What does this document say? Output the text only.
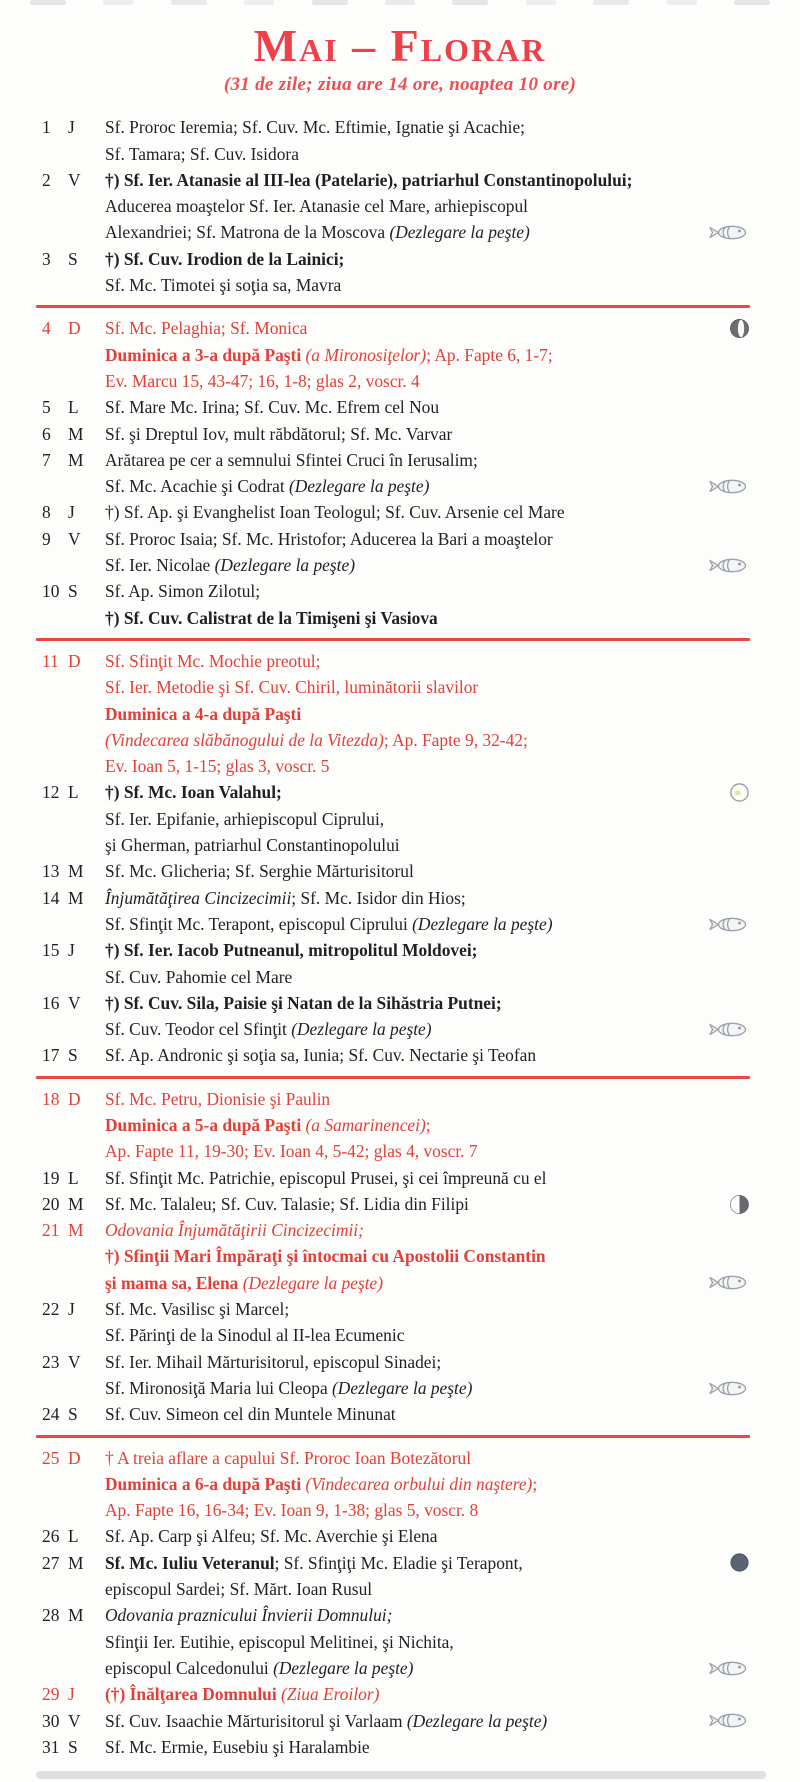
Mai – Florar
(31 de zile; ziua are 14 ore, noaptea 10 ore)
1 J	Sf. Proroc Ieremia; Sf. Cuv. Mc. Eftimie, Ignatie şi Acachie;
Sf. Tamara; Sf. Cuv. Isidora
2 V	†) Sf. Ier. Atanasie al III-lea (Patelarie), patriarhul Constantinopolului;
Aducerea moaştelor Sf. Ier. Atanasie cel Mare, arhiepiscopul
Alexandriei; Sf. Matrona de la Moscova (Dezlegare la peşte)
3 S	†) Sf. Cuv. Irodion de la Lainici;
Sf. Mc. Timotei şi soţia sa, Mavra
4 D	Sf. Mc. Pelaghia; Sf. Monica
Duminica a 3-a după Paşti (a Mironosiţelor); Ap. Fapte 6, 1-7;
Ev. Marcu 15, 43-47; 16, 1-8; glas 2, voscr. 4
5 L	Sf. Mare Mc. Irina; Sf. Cuv. Mc. Efrem cel Nou
6 M	Sf. şi Dreptul Iov, mult răbdătorul; Sf. Mc. Varvar
7 M	Arătarea pe cer a semnului Sfintei Cruci în Ierusalim;
Sf. Mc. Acachie şi Codrat (Dezlegare la peşte)
8 J	†) Sf. Ap. şi Evanghelist Ioan Teologul; Sf. Cuv. Arsenie cel Mare
9 V	Sf. Proroc Isaia; Sf. Mc. Hristofor; Aducerea la Bari a moaştelor
Sf. Ier. Nicolae (Dezlegare la peşte)
10 S	Sf. Ap. Simon Zilotul;
†) Sf. Cuv. Calistrat de la Timişeni şi Vasiova
11 D	Sf. Sfinţit Mc. Mochie preotul;
Sf. Ier. Metodie şi Sf. Cuv. Chiril, luminătorii slavilor
Duminica a 4-a după Paşti
(Vindecarea slăbănogului de la Vitezda); Ap. Fapte 9, 32-42;
Ev. Ioan 5, 1-15; glas 3, voscr. 5
12 L	†) Sf. Mc. Ioan Valahul;
Sf. Ier. Epifanie, arhiepiscopul Ciprului,
şi Gherman, patriarhul Constantinopolului
13 M	Sf. Mc. Glicheria; Sf. Serghie Mărturisitorul
14 M	Înjumătăţirea Cincizecimii; Sf. Mc. Isidor din Hios;
Sf. Sfinţit Mc. Terapont, episcopul Ciprului (Dezlegare la peşte)
15 J	†) Sf. Ier. Iacob Putneanul, mitropolitul Moldovei;
Sf. Cuv. Pahomie cel Mare
16 V	†) Sf. Cuv. Sila, Paisie şi Natan de la Sihăstria Putnei;
Sf. Cuv. Teodor cel Sfinţit (Dezlegare la peşte)
17 S	Sf. Ap. Andronic şi soţia sa, Iunia; Sf. Cuv. Nectarie şi Teofan
18 D	Sf. Mc. Petru, Dionisie şi Paulin
Duminica a 5-a după Paşti (a Samarinencei);
Ap. Fapte 11, 19-30; Ev. Ioan 4, 5-42; glas 4, voscr. 7
19 L	Sf. Sfinţit Mc. Patrichie, episcopul Prusei, şi cei împreună cu el
20 M	Sf. Mc. Talaleu; Sf. Cuv. Talasie; Sf. Lidia din Filipi
21 M	Odovania Înjumătăţirii Cincizecimii;
†) Sfinţii Mari Împăraţi şi întocmai cu Apostolii Constantin
şi mama sa, Elena (Dezlegare la peşte)
22 J	Sf. Mc. Vasilisc şi Marcel;
Sf. Părinţi de la Sinodul al II-lea Ecumenic
23 V	Sf. Ier. Mihail Mărturisitorul, episcopul Sinadei;
Sf. Mironosiţă Maria lui Cleopa (Dezlegare la peşte)
24 S	Sf. Cuv. Simeon cel din Muntele Minunat
25 D	† A treia aflare a capului Sf. Proroc Ioan Botezătorul
Duminica a 6-a după Paşti (Vindecarea orbului din naştere);
Ap. Fapte 16, 16-34; Ev. Ioan 9, 1-38; glas 5, voscr. 8
26 L	Sf. Ap. Carp şi Alfeu; Sf. Mc. Averchie şi Elena
27 M	Sf. Mc. Iuliu Veteranul; Sf. Sfinţiţi Mc. Eladie şi Terapont,
episcopul Sardei; Sf. Mărt. Ioan Rusul
28 M	Odovania praznicului Învierii Domnului;
Sfinţii Ier. Eutihie, episcopul Melitinei, şi Nichita,
episcopul Calcedonului (Dezlegare la peşte)
29 J	(†) Înălţarea Domnului (Ziua Eroilor)
30 V	Sf. Cuv. Isaachie Mărturisitorul şi Varlaam (Dezlegare la peşte)
31 S	Sf. Mc. Ermie, Eusebiu şi Haralambie
